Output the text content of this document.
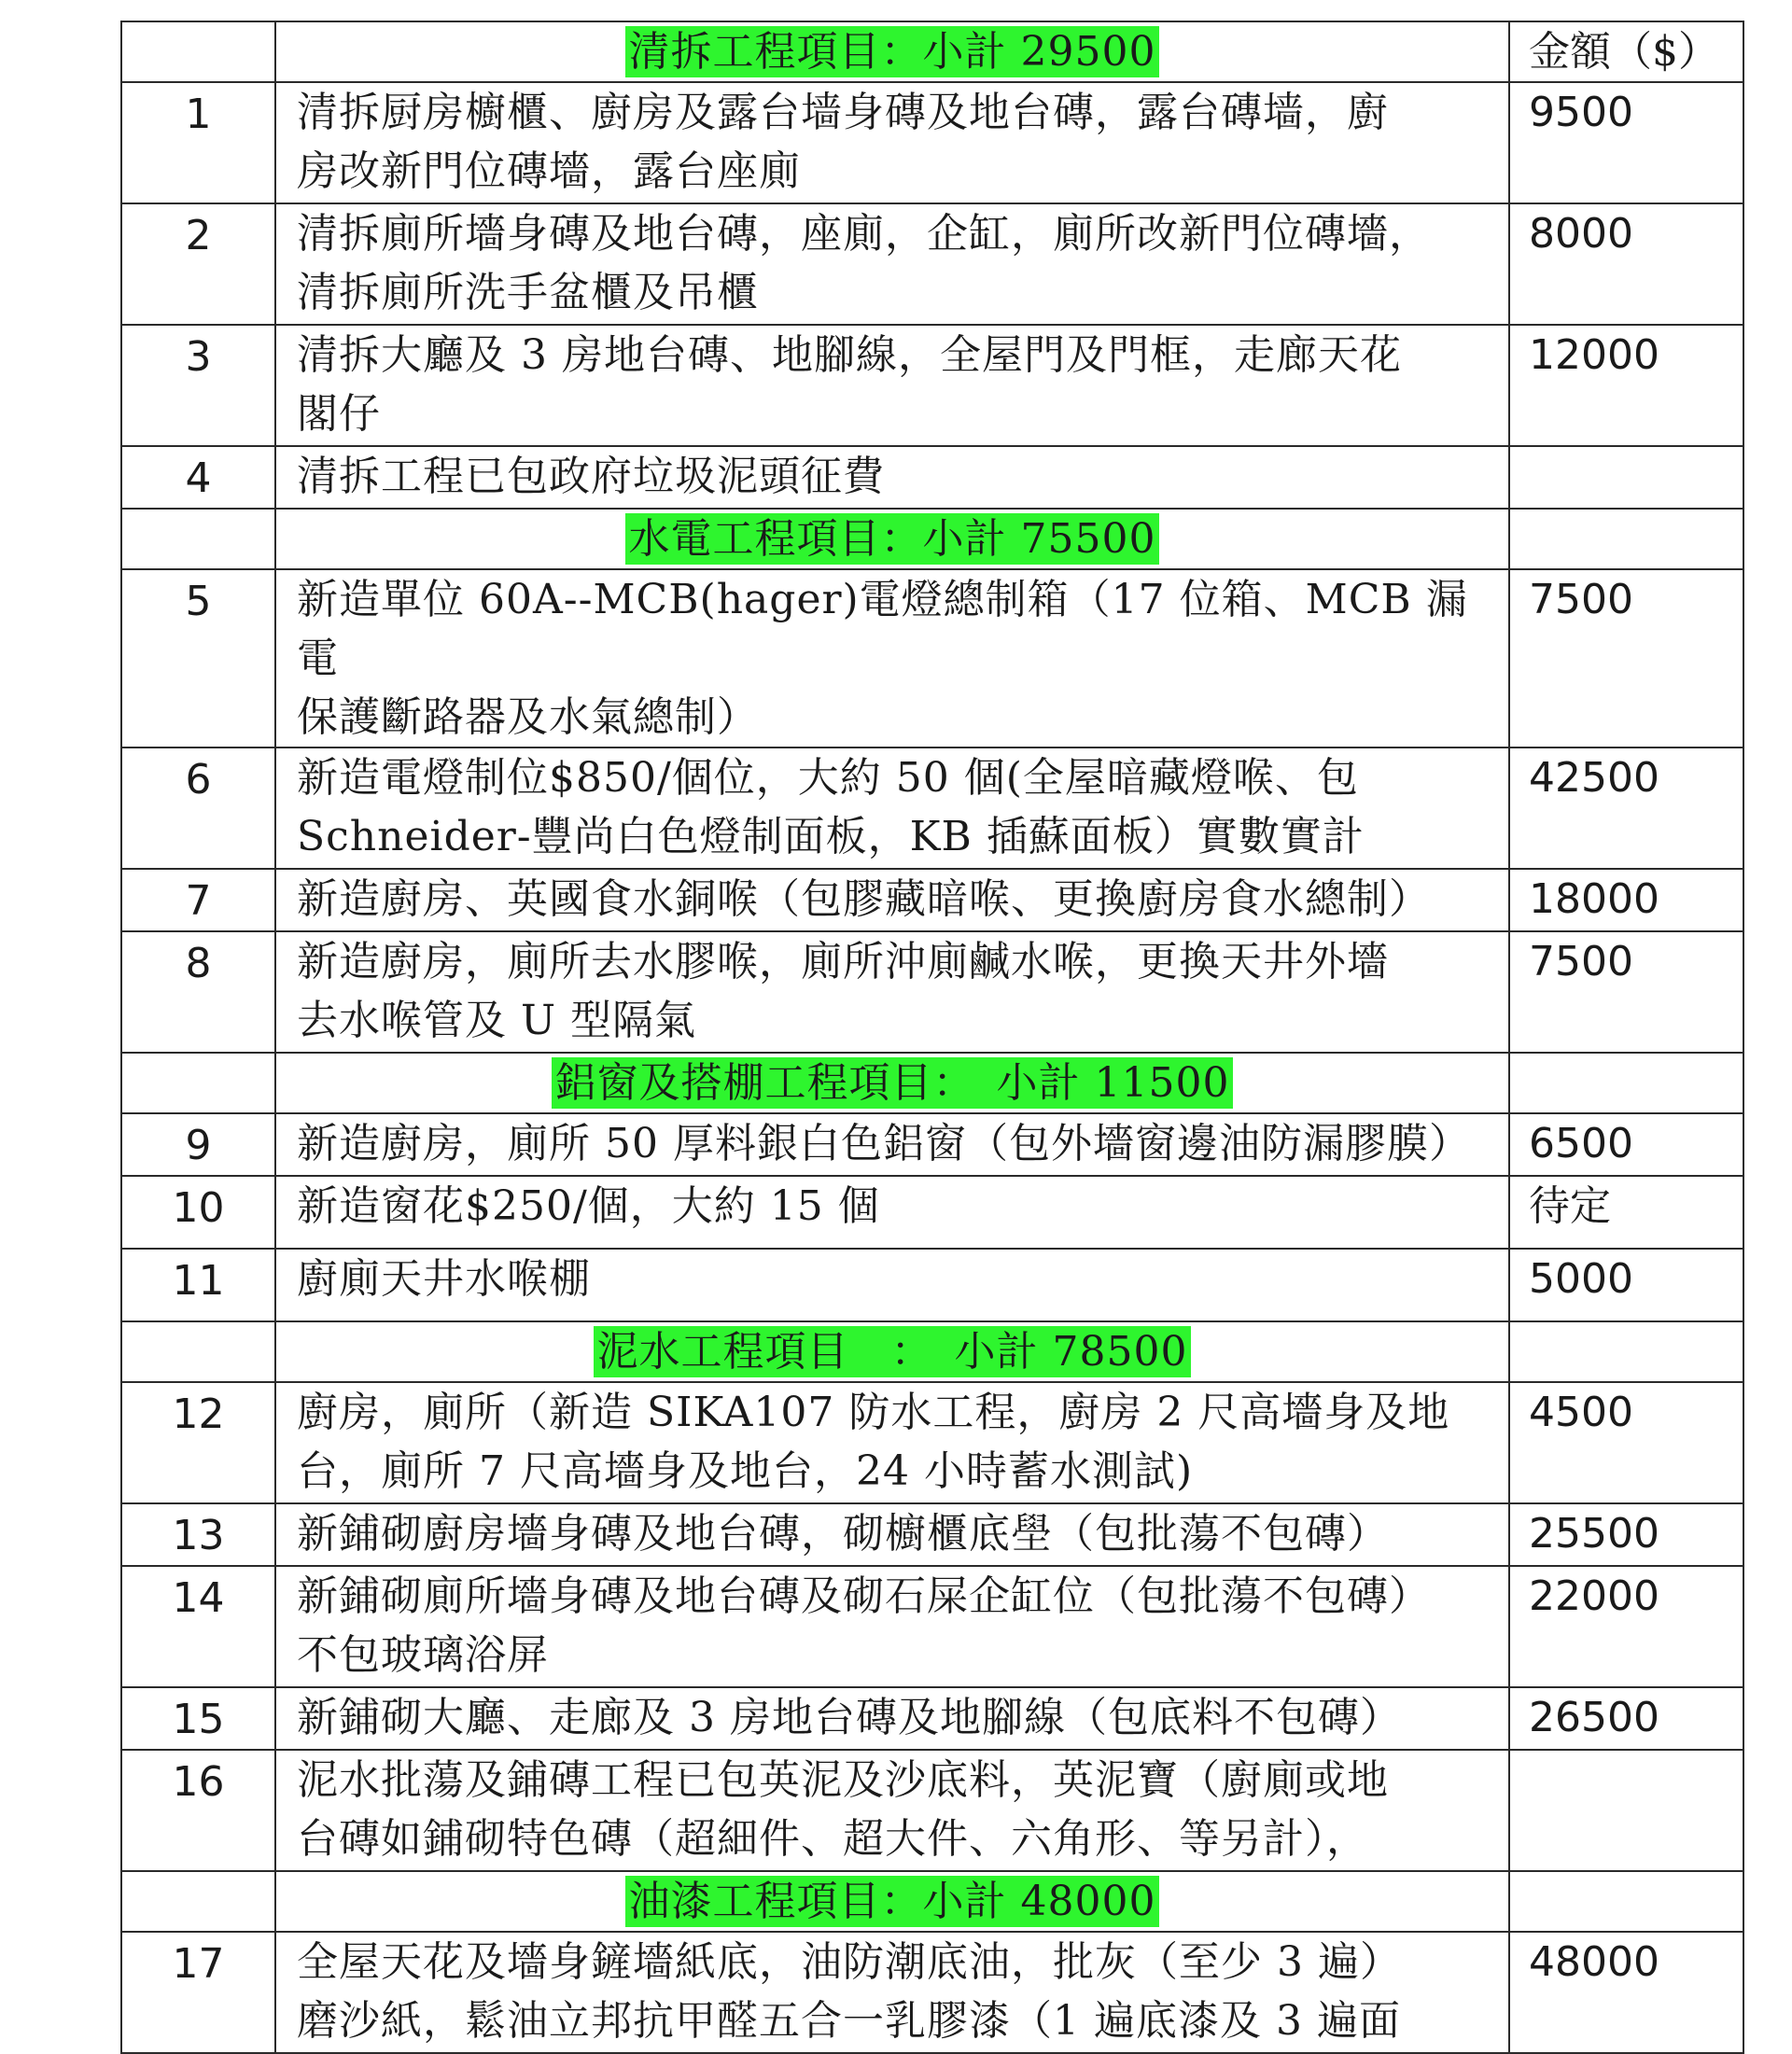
	清拆工程項目：小計 29500	金額（$）
1	清拆厨房櫥櫃、廚房及露台墙身磚及地台磚，露台磚墙，廚
房改新門位磚墻，露台座廁	9500
2	清拆廁所墻身磚及地台磚，座廁，企缸，廁所改新門位磚墻，
清拆廁所洗手盆櫃及吊櫃	8000
3	清拆大廳及 3 房地台磚、地腳線，全屋門及門框，走廊天花
閣仔	12000
4	清拆工程已包政府垃圾泥頭征費	

	水電工程項目：小計 75500	
5	新造單位 60A--MCB(hager)電燈總制箱（17 位箱、MCB 漏電
保護斷路器及水氣總制）	7500
6	新造電燈制位$850/個位，大約 50 個(全屋暗藏燈喉、包
Schneider-豐尚白色燈制面板，KB 插蘇面板）實數實計	42500
7	新造廚房、英國食水銅喉（包膠藏暗喉、更換廚房食水總制）	18000
8	新造廚房，廁所去水膠喉，廁所沖廁鹹水喉，更換天井外墻
去水喉管及 U 型隔氣	7500
	鋁窗及搭棚工程項目：　小計 11500	
9	新造廚房，廁所 50 厚料銀白色鋁窗（包外墻窗邊油防漏膠膜）	6500
10	新造窗花$250/個，大約 15 個	待定
11	廚廁天井水喉棚	5000
	泥水工程項目　：　小計 78500	
12	廚房，廁所（新造 SIKA107 防水工程，廚房 2 尺高墻身及地
台，廁所 7 尺高墻身及地台，24 小時蓄水測試)	4500
13	新鋪砌廚房墻身磚及地台磚，砌櫥櫃底壆（包批蕩不包磚）	25500
14	新鋪砌廁所墻身磚及地台磚及砌石屎企缸位（包批蕩不包磚）
不包玻璃浴屏	22000
15	新鋪砌大廳、走廊及 3 房地台磚及地腳線（包底料不包磚）	26500
16	泥水批蕩及鋪磚工程已包英泥及沙底料，英泥寶（廚廁或地
台磚如鋪砌特色磚（超細件、超大件、六角形、等另計），	

	油漆工程項目：小計 48000	
17	全屋天花及墻身鏟墻紙底，油防潮底油，批灰（至少 3 遍）
磨沙紙，鬆油立邦抗甲醛五合一乳膠漆（1 遍底漆及 3 遍面	48000
